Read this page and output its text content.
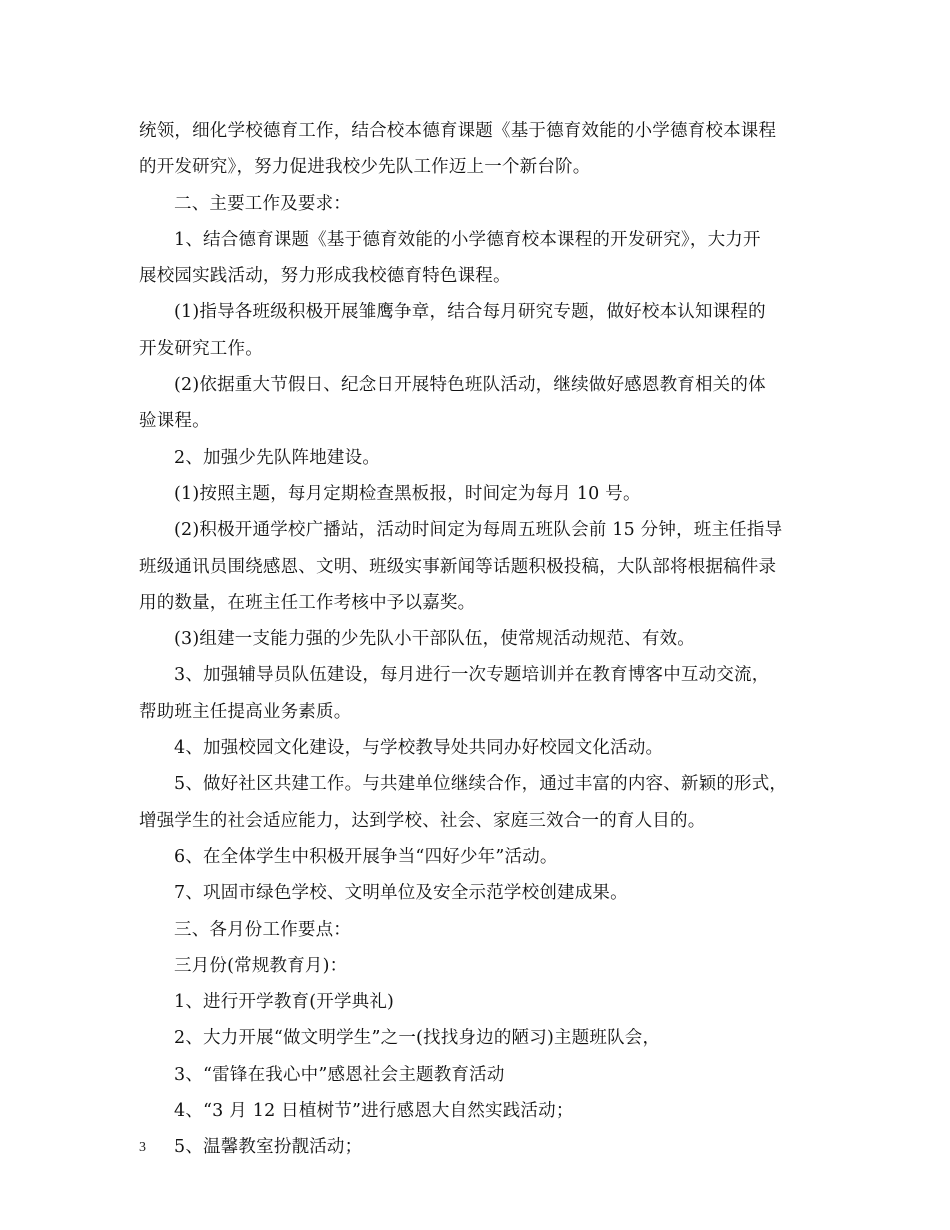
统领，细化学校德育工作，结合校本德育课题《基于德育效能的小学德育校本课程

的开发研究》，努力促进我校少先队工作迈上一个新台阶。

二、主要工作及要求：

1、结合德育课题《基于德育效能的小学德育校本课程的开发研究》，大力开

展校园实践活动，努力形成我校德育特色课程。

(1)指导各班级积极开展雏鹰争章，结合每月研究专题，做好校本认知课程的

开发研究工作。

(2)依据重大节假日、纪念日开展特色班队活动，继续做好感恩教育相关的体

验课程。

2、加强少先队阵地建设。

(1)按照主题，每月定期检查黑板报，时间定为每月 10 号。

(2)积极开通学校广播站，活动时间定为每周五班队会前 15 分钟，班主任指导

班级通讯员围绕感恩、文明、班级实事新闻等话题积极投稿，大队部将根据稿件录

用的数量，在班主任工作考核中予以嘉奖。

(3)组建一支能力强的少先队小干部队伍，使常规活动规范、有效。

3、加强辅导员队伍建设，每月进行一次专题培训并在教育博客中互动交流，

帮助班主任提高业务素质。

4、加强校园文化建设，与学校教导处共同办好校园文化活动。

5、做好社区共建工作。与共建单位继续合作，通过丰富的内容、新颖的形式，

增强学生的社会适应能力，达到学校、社会、家庭三效合一的育人目的。

6、在全体学生中积极开展争当“四好少年”活动。

7、巩固市绿色学校、文明单位及安全示范学校创建成果。

三、各月份工作要点：

三月份(常规教育月)：

1、进行开学教育(开学典礼)

2、大力开展“做文明学生”之一(找找身边的陋习)主题班队会，

3、“雷锋在我心中”感恩社会主题教育活动

4、“3 月 12 日植树节”进行感恩大自然实践活动；

5、温馨教室扮靓活动；

3
